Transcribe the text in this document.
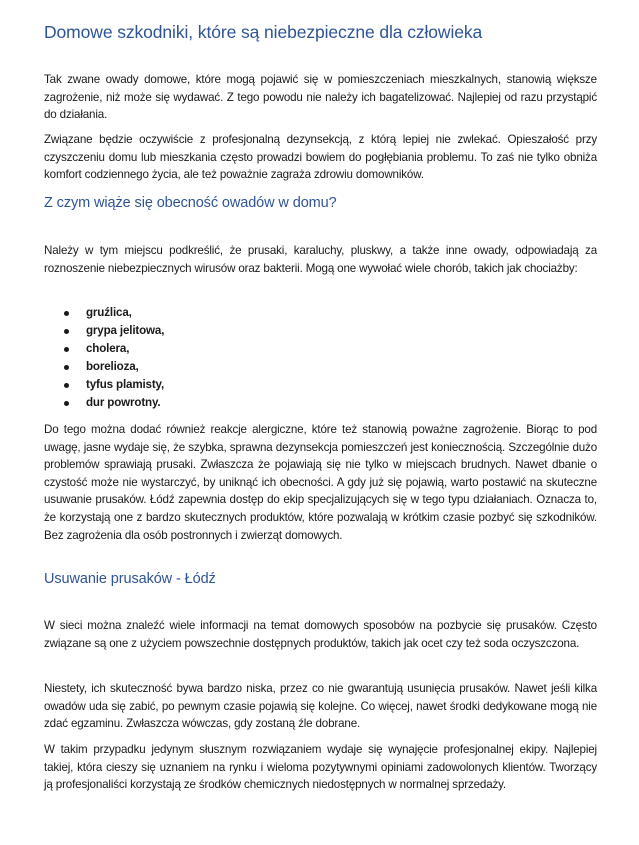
Domowe szkodniki, które są niebezpieczne dla człowieka
Tak zwane owady domowe, które mogą pojawić się w pomieszczeniach mieszkalnych, stanowią większe zagrożenie, niż może się wydawać. Z tego powodu nie należy ich bagatelizować. Najlepiej od razu przystąpić do działania.
Związane będzie oczywiście z profesjonalną dezynsekcją, z którą lepiej nie zwlekać. Opieszałość przy czyszczeniu domu lub mieszkania często prowadzi bowiem do pogłębiania problemu. To zaś nie tylko obniża komfort codziennego życia, ale też poważnie zagraża zdrowiu domowników.
Z czym wiąże się obecność owadów w domu?
Należy w tym miejscu podkreślić, że prusaki, karaluchy, pluskwy, a także inne owady, odpowiadają za roznoszenie niebezpiecznych wirusów oraz bakterii. Mogą one wywołać wiele chorób, takich jak chociażby:
gruźlica,
grypa jelitowa,
cholera,
borelioza,
tyfus plamisty,
dur powrotny.
Do tego można dodać również reakcje alergiczne, które też stanowią poważne zagrożenie. Biorąc to pod uwagę, jasne wydaje się, że szybka, sprawna dezynsekcja pomieszczeń jest koniecznością. Szczególnie dużo problemów sprawiają prusaki. Zwłaszcza że pojawiają się nie tylko w miejscach brudnych. Nawet dbanie o czystość może nie wystarczyć, by uniknąć ich obecności. A gdy już się pojawią, warto postawić na skuteczne usuwanie prusaków. Łódź zapewnia dostęp do ekip specjalizujących się w tego typu działaniach. Oznacza to, że korzystają one z bardzo skutecznych produktów, które pozwalają w krótkim czasie pozbyć się szkodników. Bez zagrożenia dla osób postronnych i zwierząt domowych.
Usuwanie prusaków - Łódź
W sieci można znaleźć wiele informacji na temat domowych sposobów na pozbycie się prusaków. Często związane są one z użyciem powszechnie dostępnych produktów, takich jak ocet czy też soda oczyszczona.
Niestety, ich skuteczność bywa bardzo niska, przez co nie gwarantują usunięcia prusaków. Nawet jeśli kilka owadów uda się zabić, po pewnym czasie pojawią się kolejne. Co więcej, nawet środki dedykowane mogą nie zdać egzaminu. Zwłaszcza wówczas, gdy zostaną źle dobrane.
W takim przypadku jedynym słusznym rozwiązaniem wydaje się wynajęcie profesjonalnej ekipy. Najlepiej takiej, która cieszy się uznaniem na rynku i wieloma pozytywnymi opiniami zadowolonych klientów. Tworzący ją profesjonaliści korzystają ze środków chemicznych niedostępnych w normalnej sprzedaży.
